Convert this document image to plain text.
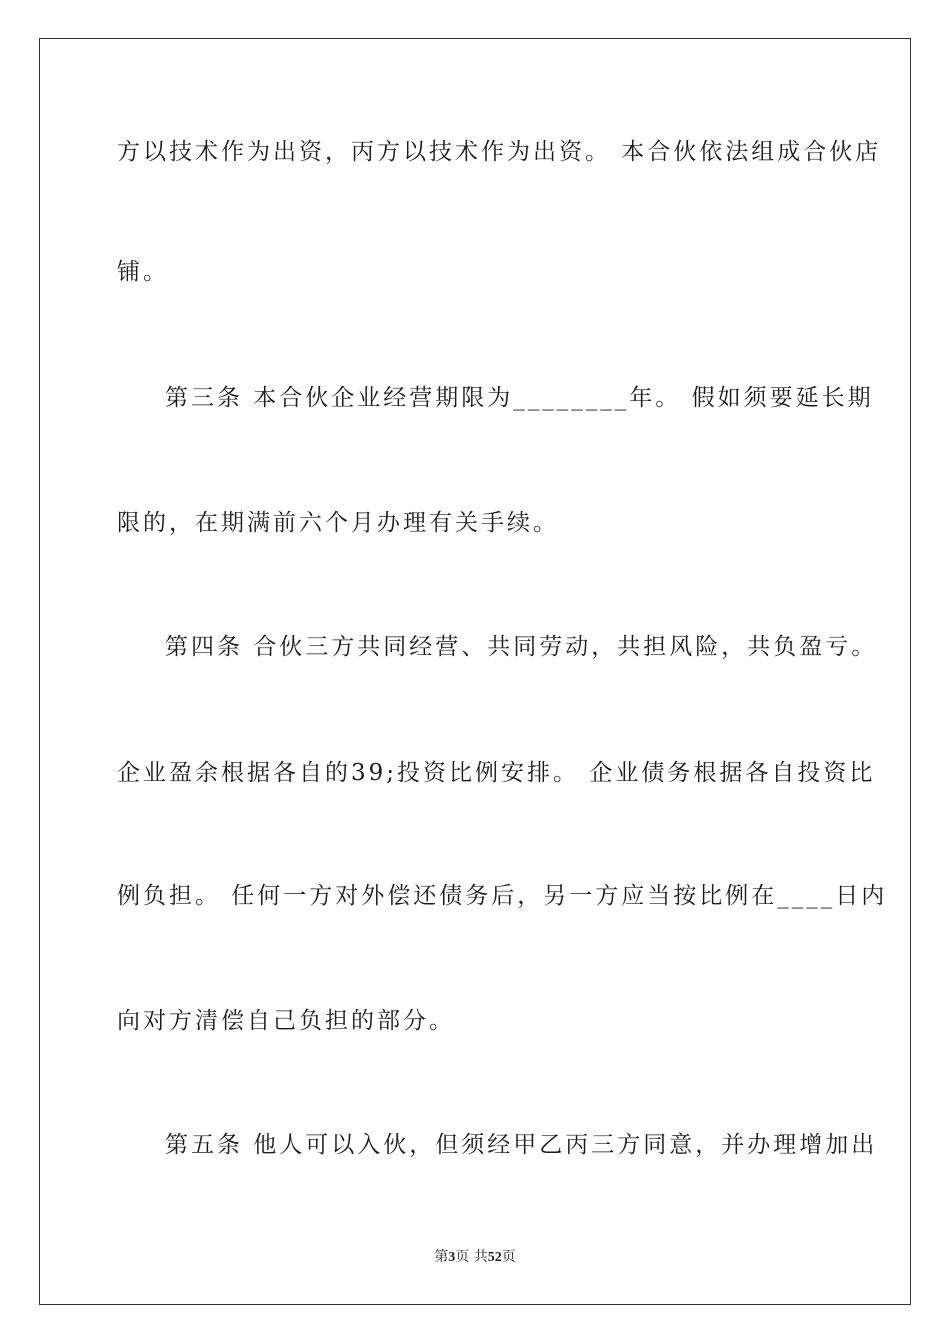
方以技术作为出资，丙方以技术作为出资。 本合伙依法组成合伙店
铺。
第三条 本合伙企业经营期限为________年。 假如须要延长期
限的，在期满前六个月办理有关手续。
第四条 合伙三方共同经营、共同劳动，共担风险，共负盈亏。
企业盈余根据各自的39;投资比例安排。 企业债务根据各自投资比
例负担。 任何一方对外偿还债务后，另一方应当按比例在____日内
向对方清偿自己负担的部分。
第五条 他人可以入伙，但须经甲乙丙三方同意，并办理增加出
第3页 共52页
